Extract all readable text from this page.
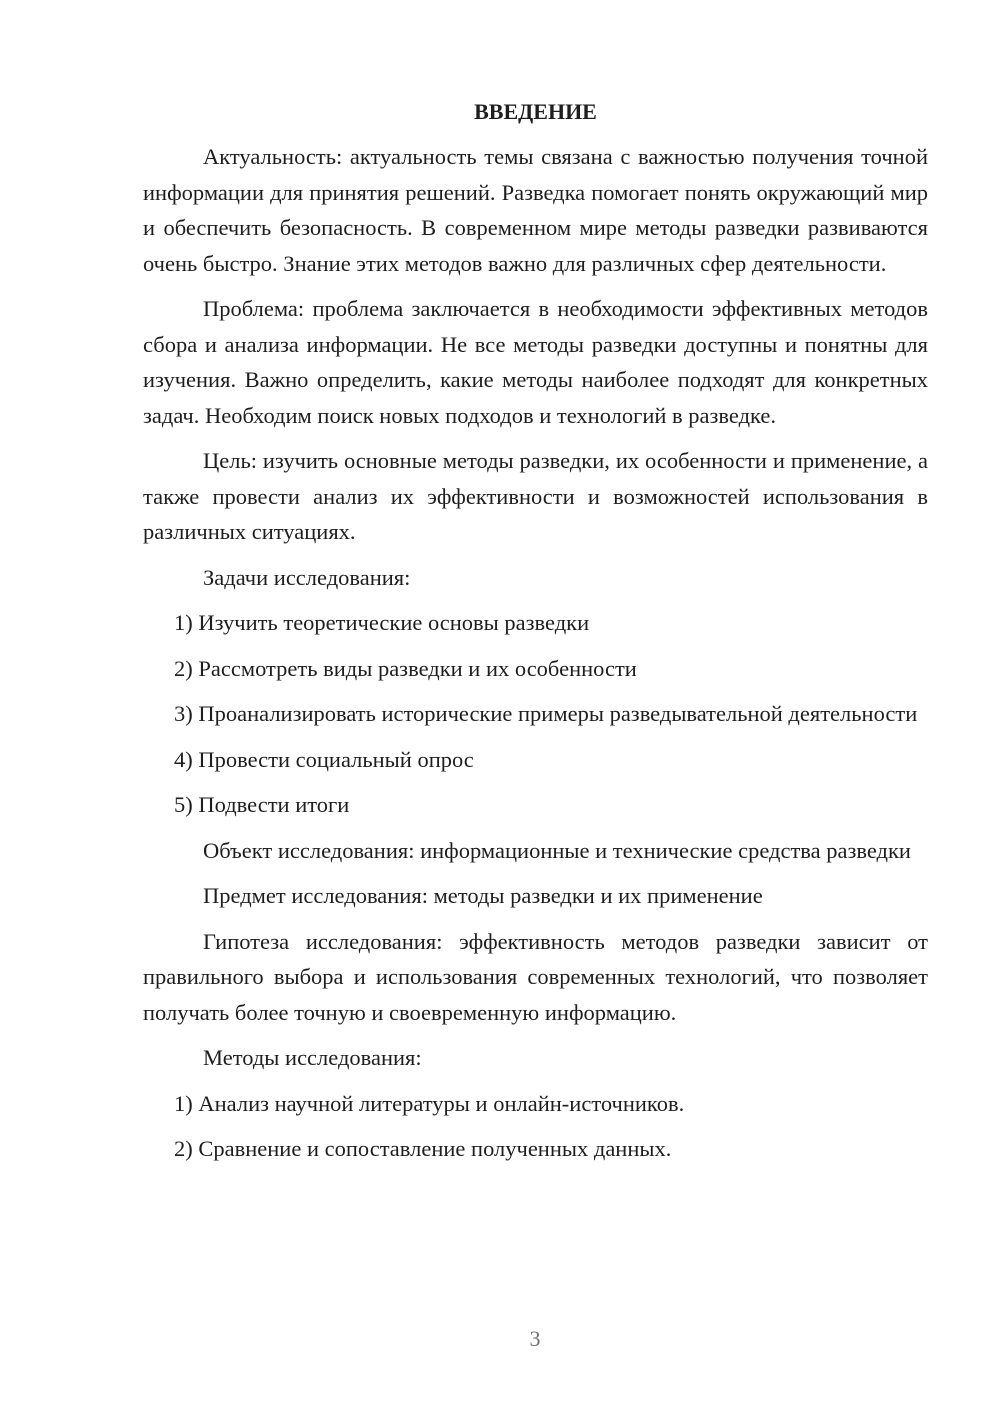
ВВЕДЕНИЕ

Актуальность: актуальность темы связана с важностью получения точной информации для принятия решений. Разведка помогает понять окружающий мир и обеспечить безопасность. В современном мире методы разведки развиваются очень быстро. Знание этих методов важно для различных сфер деятельности.

Проблема: проблема заключается в необходимости эффективных методов сбора и анализа информации. Не все методы разведки доступны и понятны для изучения. Важно определить, какие методы наиболее подходят для конкретных задач. Необходим поиск новых подходов и технологий в разведке.

Цель: изучить основные методы разведки, их особенности и применение, а также провести анализ их эффективности и возможностей использования в различных ситуациях.

Задачи исследования:

1) Изучить теоретические основы разведки

2) Рассмотреть виды разведки и их особенности

3) Проанализировать исторические примеры разведывательной деятельности

4) Провести социальный опрос

5) Подвести итоги

Объект исследования: информационные и технические средства разведки

Предмет исследования: методы разведки и их применение

Гипотеза исследования: эффективность методов разведки зависит от правильного выбора и использования современных технологий, что позволяет получать более точную и своевременную информацию.

Методы исследования:

1) Анализ научной литературы и онлайн-источников.

2) Сравнение и сопоставление полученных данных.

3
